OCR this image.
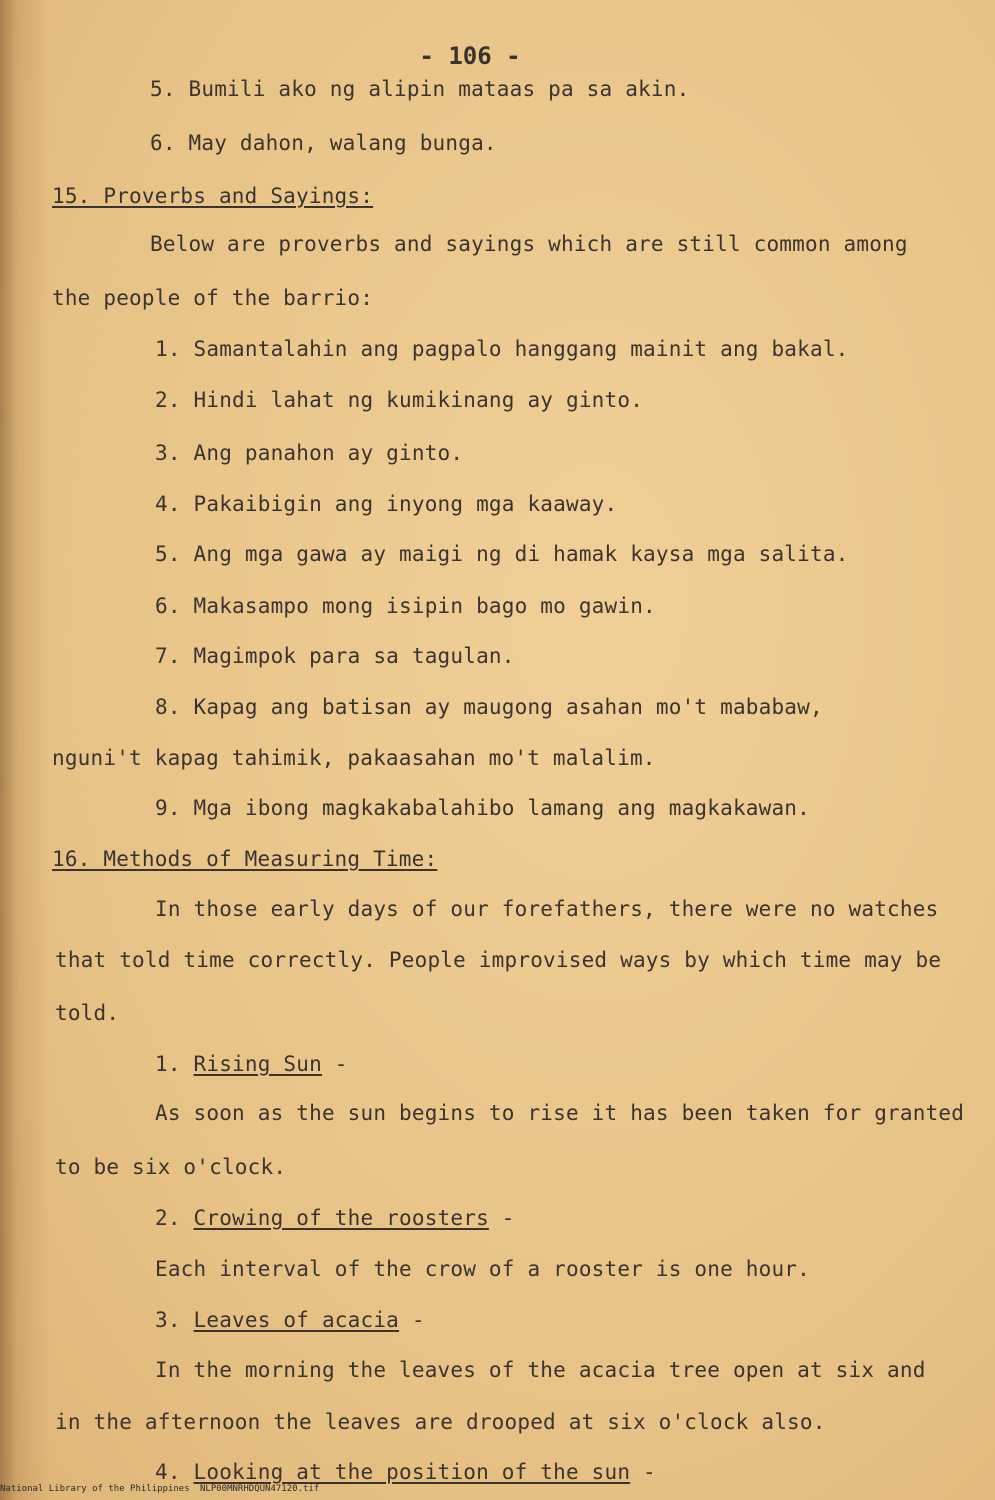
- 106 -
5. Bumili ako ng alipin mataas pa sa akin.
6. May dahon, walang bunga.
15. Proverbs and Sayings:
Below are proverbs and sayings which are still common among
the people of the barrio:
1. Samantalahin ang pagpalo hanggang mainit ang bakal.
2. Hindi lahat ng kumikinang ay ginto.
3. Ang panahon ay ginto.
4. Pakaibigin ang inyong mga kaaway.
5. Ang mga gawa ay maigi ng di hamak kaysa mga salita.
6. Makasampo mong isipin bago mo gawin.
7. Magimpok para sa tagulan.
8. Kapag ang batisan ay maugong asahan mo't mababaw,
nguni't kapag tahimik, pakaasahan mo't malalim.
9. Mga ibong magkakabalahibo lamang ang magkakawan.
16. Methods of Measuring Time:
In those early days of our forefathers, there were no watches
that told time correctly. People improvised ways by which time may be
told.
1. Rising Sun -
As soon as the sun begins to rise it has been taken for granted
to be six o'clock.
2. Crowing of the roosters -
Each interval of the crow of a rooster is one hour.
3. Leaves of acacia -
In the morning the leaves of the acacia tree open at six and
in the afternoon the leaves are drooped at six o'clock also.
4. Looking at the position of the sun -
National Library of the Philippines NLP00MNRHDQUN47120.tif
